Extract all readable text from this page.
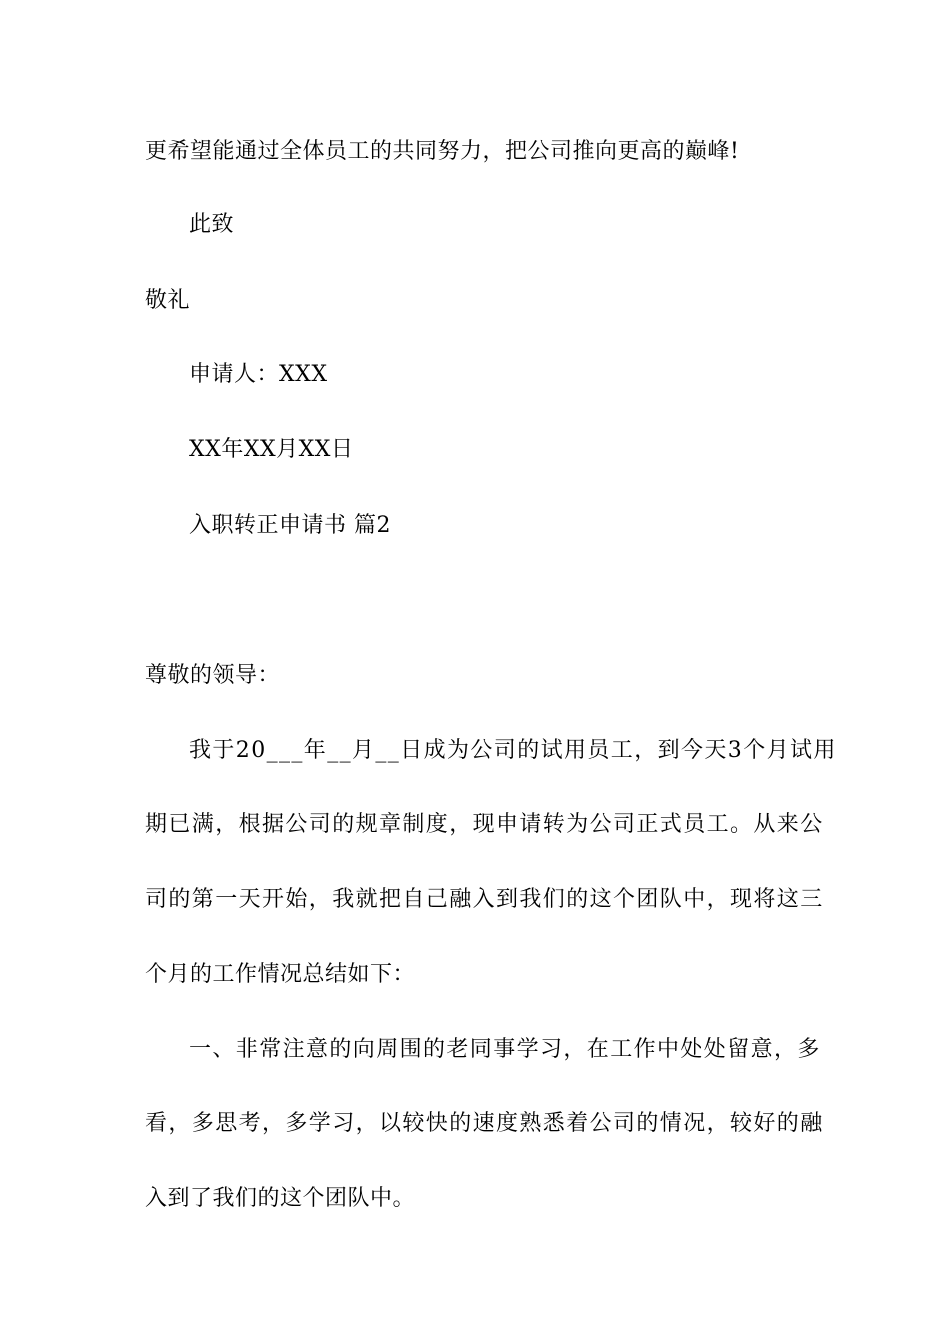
更希望能通过全体员工的共同努力，把公司推向更高的巅峰!
此致
敬礼
申请人：XXX
XX年XX月XX日
入职转正申请书 篇2
尊敬的领导：
我于20___年__月__日成为公司的试用员工，到今天3个月试用
期已满，根据公司的规章制度，现申请转为公司正式员工。从来公
司的第一天开始，我就把自己融入到我们的这个团队中，现将这三
个月的工作情况总结如下：
一、非常注意的向周围的老同事学习，在工作中处处留意，多
看，多思考，多学习，以较快的速度熟悉着公司的情况，较好的融
入到了我们的这个团队中。
